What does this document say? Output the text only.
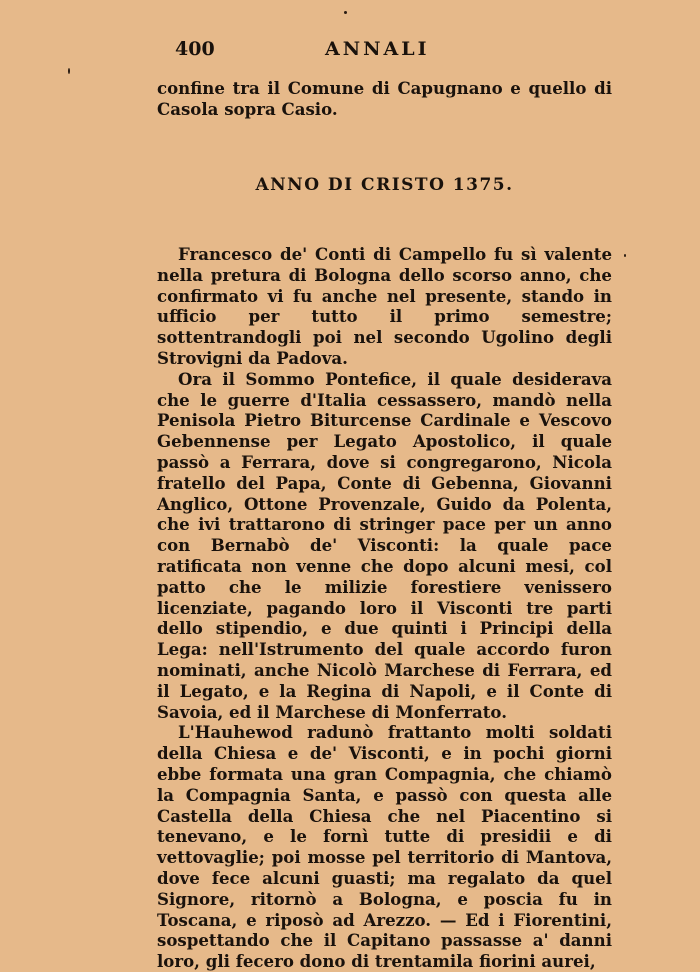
400	ANNALI

confine tra il Comune di Capugnano e quello di Casola sopra Casio.

ANNO DI CRISTO 1375.

Francesco de' Conti di Campello fu sì valente nella pretura di Bologna dello scorso anno, che confirmato vi fu anche nel presente, stando in ufficio per tutto il primo semestre; sottentrandogli poi nel secondo Ugolino degli Strovigni da Padova.

Ora il Sommo Pontefice, il quale desiderava che le guerre d'Italia cessassero, mandò nella Penisola Pietro Biturcense Cardinale e Vescovo Gebennense per Legato Apostolico, il quale passò a Ferrara, dove si congregarono, Nicola fratello del Papa, Conte di Gebenna, Giovanni Anglico, Ottone Provenzale, Guido da Polenta, che ivi trattarono di stringer pace per un anno con Bernabò de' Visconti: la quale pace ratificata non venne che dopo alcuni mesi, col patto che le milizie forestiere venissero licenziate, pagando loro il Visconti tre parti dello stipendio, e due quinti i Principi della Lega: nell'Istrumento del quale accordo furon nominati, anche Nicolò Marchese di Ferrara, ed il Legato, e la Regina di Napoli, e il Conte di Savoia, ed il Marchese di Monferrato.

L'Hauhewod radunò frattanto molti soldati della Chiesa e de' Visconti, e in pochi giorni ebbe formata una gran Compagnia, che chiamò la Compagnia Santa, e passò con questa alle Castella della Chiesa che nel Piacentino si tenevano, e le fornì tutte di presidii e di vettovaglie; poi mosse pel territorio di Mantova, dove fece alcuni guasti; ma regalato da quel Signore, ritornò a Bologna, e poscia fu in Toscana, e riposò ad Arezzo. — Ed i Fiorentini, sospettando che il Capitano passasse a' danni loro, gli fecero dono di trentamila fiorini aurei,
